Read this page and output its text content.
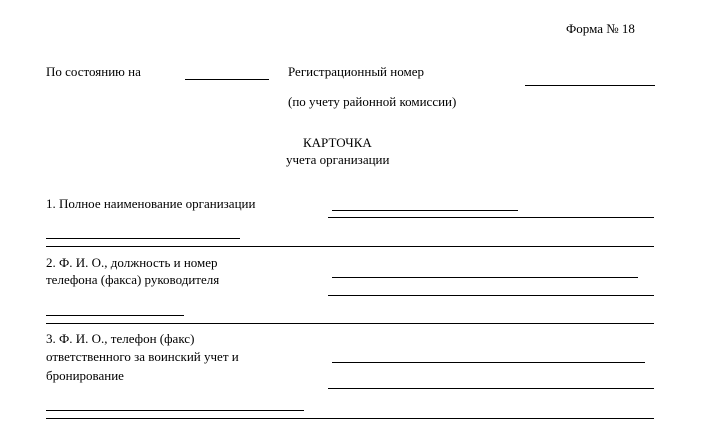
Форма № 18
По состоянию на	Регистрационный номер
(по учету районной комиссии)
КАРТОЧКА
учета организации
1. Полное наименование организации
2. Ф. И. О., должность и номер
телефона (факса) руководителя
3. Ф. И. О., телефон (факс)
ответственного за воинский учет и
бронирование
